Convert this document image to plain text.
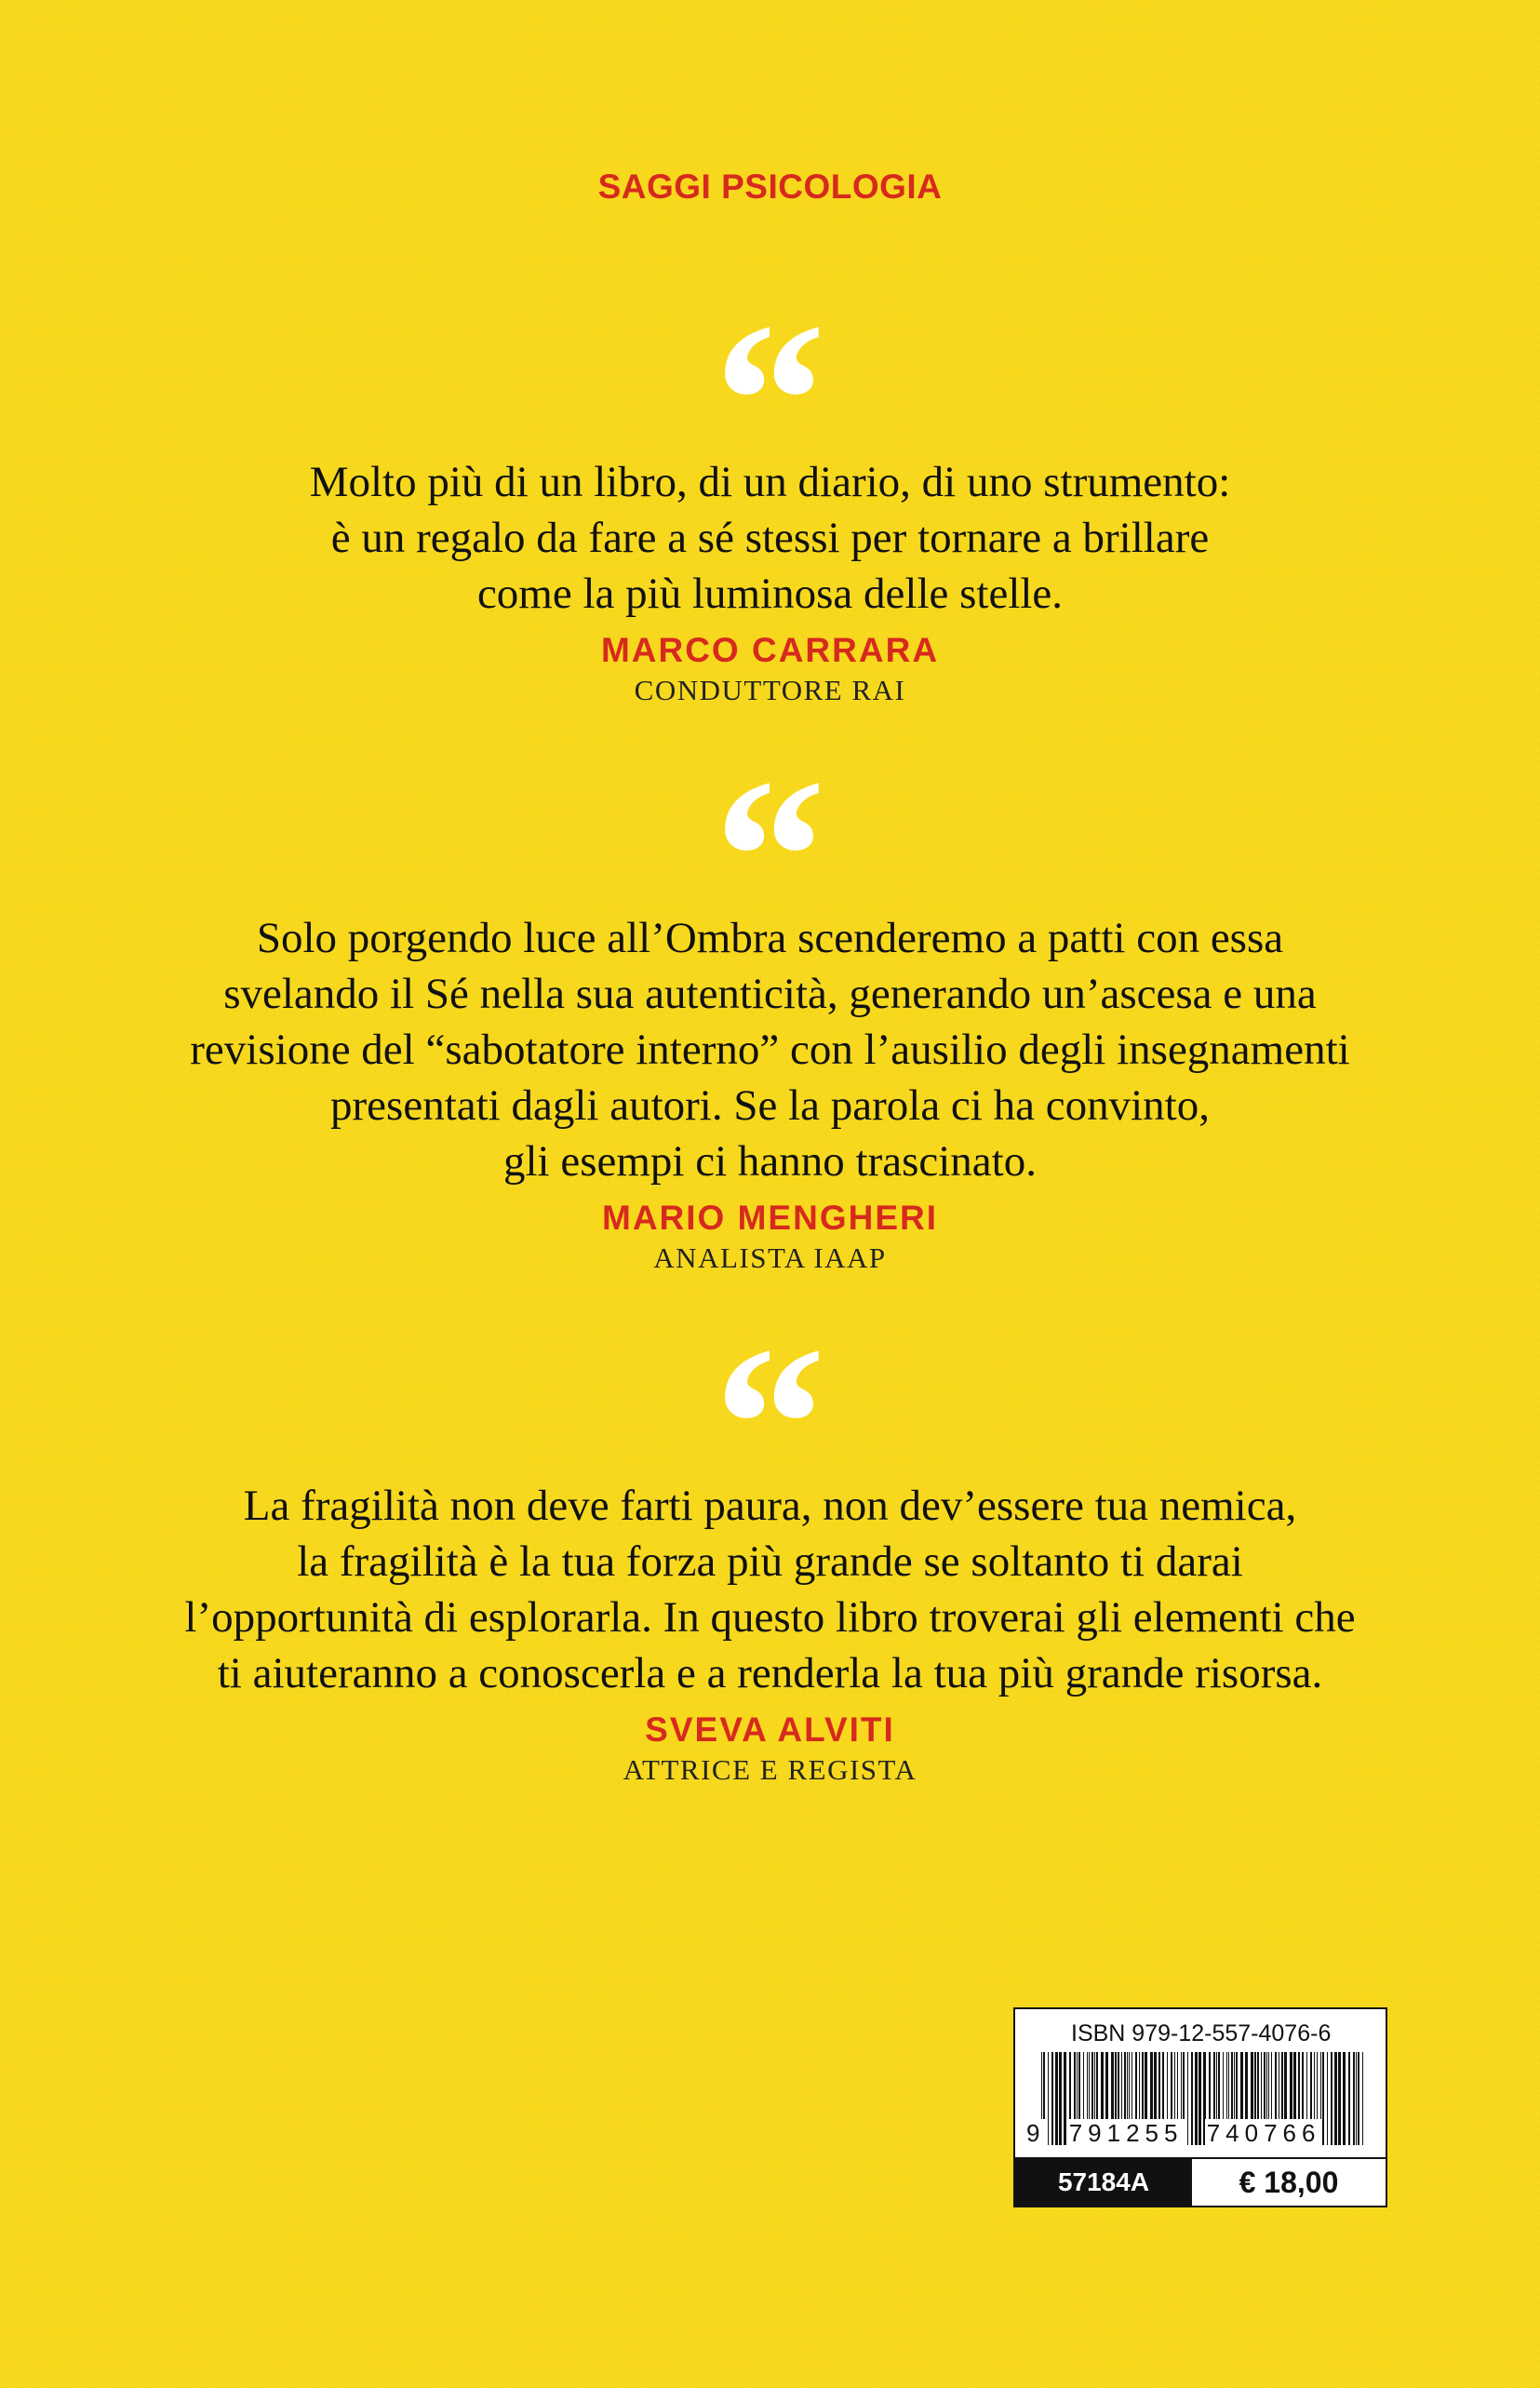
SAGGI PSICOLOGIA
“
Molto più di un libro, di un diario, di uno strumento:
è un regalo da fare a sé stessi per tornare a brillare
come la più luminosa delle stelle.
MARCO CARRARA
CONDUTTORE RAI
“
Solo porgendo luce all’Ombra scenderemo a patti con essa
svelando il Sé nella sua autenticità, generando un’ascesa e una
revisione del “sabotatore interno” con l’ausilio degli insegnamenti
presentati dagli autori. Se la parola ci ha convinto,
gli esempi ci hanno trascinato.
MARIO MENGHERI
ANALISTA IAAP
“
La fragilità non deve farti paura, non dev’essere tua nemica,
la fragilità è la tua forza più grande se soltanto ti darai
l’opportunità di esplorarla. In questo libro troverai gli elementi che
ti aiuteranno a conoscerla e a renderla la tua più grande risorsa.
SVEVA ALVITI
ATTRICE E REGISTA
ISBN 979-12-557-4076-6
9 791255 740766
57184A	€ 18,00
